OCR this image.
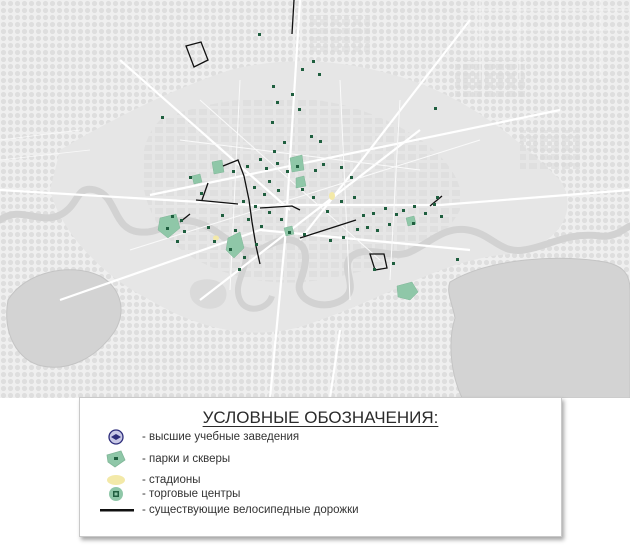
УСЛОВНЫЕ ОБОЗНАЧЕНИЯ:
- высшие учебные заведения
- парки и скверы
- стадионы
- торговые центры
- существующие велосипедные дорожки
